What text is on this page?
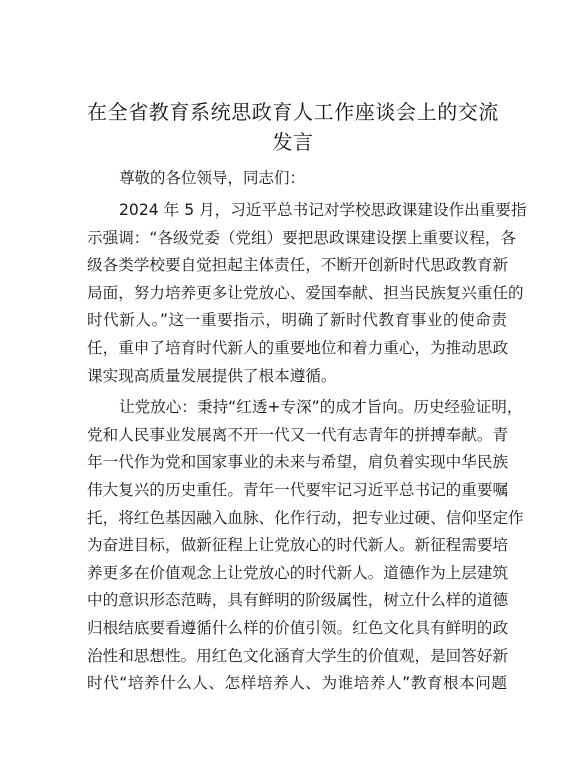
在全省教育系统思政育人工作座谈会上的交流
发言

尊敬的各位领导，同志们：

2024 年 5 月，习近平总书记对学校思政课建设作出重要指
示强调：“各级党委（党组）要把思政课建设摆上重要议程，各
级各类学校要自觉担起主体责任，不断开创新时代思政教育新
局面，努力培养更多让党放心、爱国奉献、担当民族复兴重任的
时代新人。”这一重要指示，明确了新时代教育事业的使命责
任，重申了培育时代新人的重要地位和着力重心，为推动思政
课实现高质量发展提供了根本遵循。

让党放心：秉持“红透+专深”的成才旨向。历史经验证明，
党和人民事业发展离不开一代又一代有志青年的拼搏奉献。青
年一代作为党和国家事业的未来与希望，肩负着实现中华民族
伟大复兴的历史重任。青年一代要牢记习近平总书记的重要嘱
托，将红色基因融入血脉、化作行动，把专业过硬、信仰坚定作
为奋进目标，做新征程上让党放心的时代新人。新征程需要培
养更多在价值观念上让党放心的时代新人。道德作为上层建筑
中的意识形态范畴，具有鲜明的阶级属性，树立什么样的道德
归根结底要看遵循什么样的价值引领。红色文化具有鲜明的政
治性和思想性。用红色文化涵育大学生的价值观，是回答好新
时代“培养什么人、怎样培养人、为谁培养人”教育根本问题
